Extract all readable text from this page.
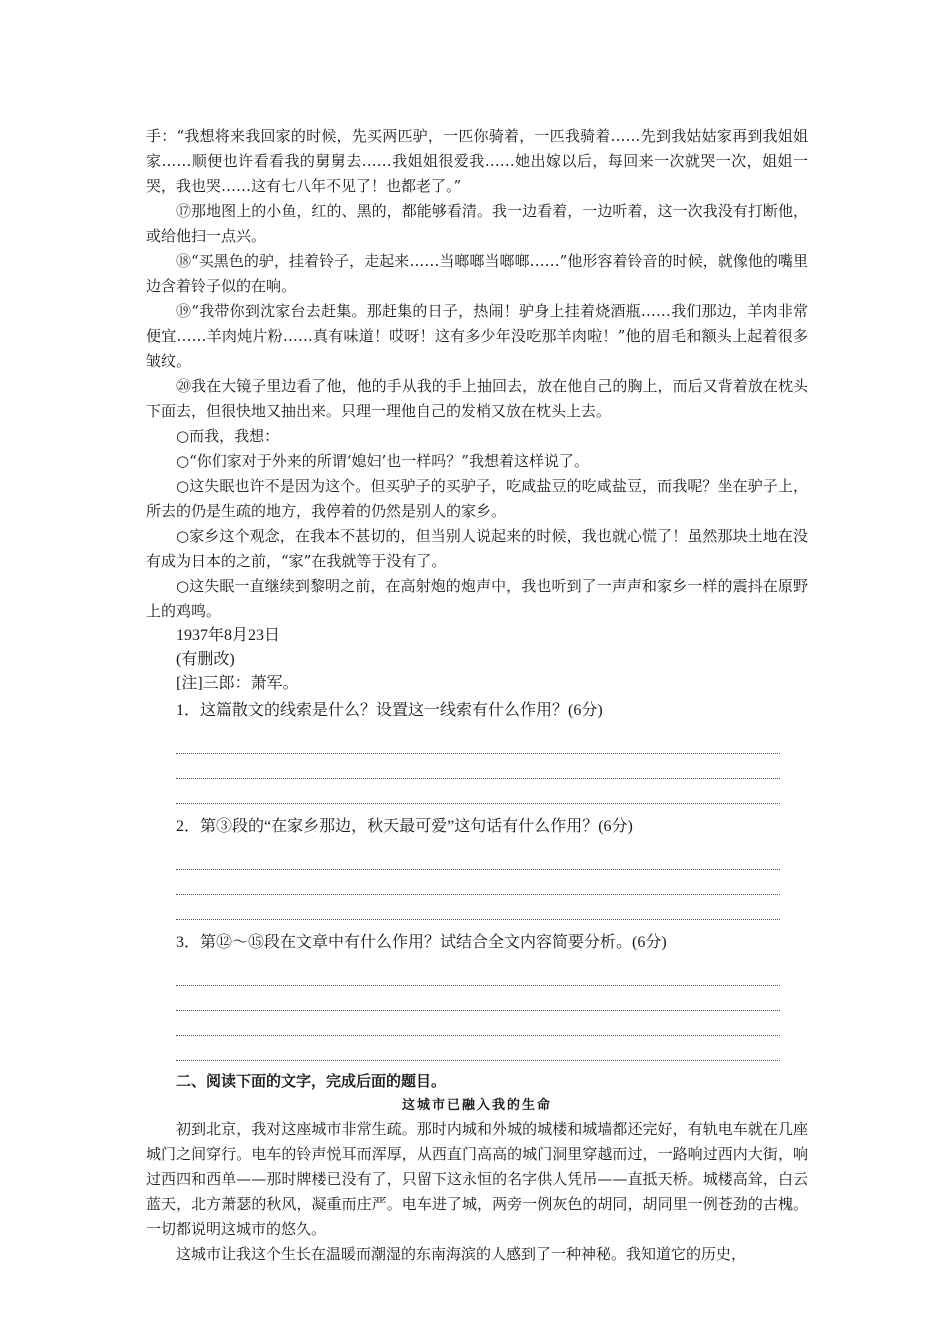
手：“我想将来我回家的时候，先买两匹驴，一匹你骑着，一匹我骑着……先到我姑姑家再到我姐姐家……顺便也许看看我的舅舅去……我姐姐很爱我……她出嫁以后，每回来一次就哭一次，姐姐一哭，我也哭……这有七八年不见了！也都老了。”

⑰那地图上的小鱼，红的、黑的，都能够看清。我一边看着，一边听着，这一次我没有打断他，或给他扫一点兴。

⑱“买黑色的驴，挂着铃子，走起来……当啷啷当啷啷……”他形容着铃音的时候，就像他的嘴里边含着铃子似的在响。

⑲“我带你到沈家台去赶集。那赶集的日子，热闹！驴身上挂着烧酒瓶……我们那边，羊肉非常便宜……羊肉炖片粉……真有味道！哎呀！这有多少年没吃那羊肉啦！”他的眉毛和额头上起着很多皱纹。

⑳我在大镜子里边看了他，他的手从我的手上抽回去，放在他自己的胸上，而后又背着放在枕头下面去，但很快地又抽出来。只理一理他自己的发梢又放在枕头上去。

○而我，我想：

○“你们家对于外来的所谓‘媳妇’也一样吗？”我想着这样说了。

○这失眠也许不是因为这个。但买驴子的买驴子，吃咸盐豆的吃咸盐豆，而我呢？坐在驴子上，所去的仍是生疏的地方，我停着的仍然是别人的家乡。

○家乡这个观念，在我本不甚切的，但当别人说起来的时候，我也就心慌了！虽然那块土地在没有成为日本的之前，“家”在我就等于没有了。

○这失眠一直继续到黎明之前，在高射炮的炮声中，我也听到了一声声和家乡一样的震抖在原野上的鸡鸣。

1937年8月23日

(有删改)

[注]三郎：萧军。

1．这篇散文的线索是什么？设置这一线索有什么作用？(6分)

2．第③段的“在家乡那边，秋天最可爱”这句话有什么作用？(6分)

3．第⑫～⑮段在文章中有什么作用？试结合全文内容简要分析。(6分)

二、阅读下面的文字，完成后面的题目。

这城市已融入我的生命

初到北京，我对这座城市非常生疏。那时内城和外城的城楼和城墙都还完好，有轨电车就在几座城门之间穿行。电车的铃声悦耳而浑厚，从西直门高高的城门洞里穿越而过，一路响过西内大街，响过西四和西单——那时牌楼已没有了，只留下这永恒的名字供人凭吊——直抵天桥。城楼高耸，白云蓝天，北方萧瑟的秋风，凝重而庄严。电车进了城，两旁一例灰色的胡同，胡同里一例苍劲的古槐。一切都说明这城市的悠久。

这城市让我这个生长在温暖而潮湿的东南海滨的人感到了一种神秘。我知道它的历史，
